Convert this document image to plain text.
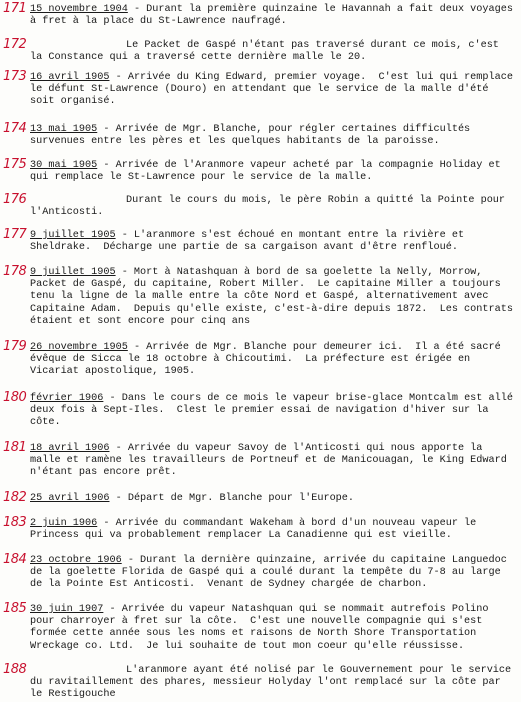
171 15 novembre 1904 - Durant la première quinzaine le Havannah a fait deux voyages à fret à la place du St-Lawrence naufragé.
172	Le Packet de Gaspé n'étant pas traversé durant ce mois, c'est la Constance qui a traversé cette dernière malle le 20.
173 16 avril 1905 - Arrivée du King Edward, premier voyage.  C'est lui qui remplace le défunt St-Lawrence (Douro) en attendant que le service de la malle d'été soit organisé.
174 13 mai 1905 - Arrivée de Mgr. Blanche, pour régler certaines difficultés survenues entre les pères et les quelques habitants de la paroisse.
175 30 mai 1905 - Arrivée de l'Aranmore vapeur acheté par la compagnie Holiday et qui remplace le St-Lawrence pour le service de la malle.
176	Durant le cours du mois, le père Robin a quitté la Pointe pour l'Anticosti.
177 9 juillet 1905 - L'aranmore s'est échoué en montant entre la rivière et Sheldrake.  Décharge une partie de sa cargaison avant d'être renfloué.
178 9 juillet 1905 - Mort à Natashquan à bord de sa goelette la Nelly, Morrow, Packet de Gaspé, du capitaine, Robert Miller.  Le capitaine Miller a toujours tenu la ligne de la malle entre la côte Nord et Gaspé, alternativement avec Capitaine Adam.  Depuis qu'elle existe, c'est-à-dire depuis 1872.  Les contrats étaient et sont encore pour cinq ans
179 26 novembre 1905 - Arrivée de Mgr. Blanche pour demeurer ici.  Il a été sacré évêque de Sicca le 18 octobre à Chicoutimi.  La préfecture est érigée en Vicariat apostolique, 1905.
180 février 1906 - Dans le cours de ce mois le vapeur brise-glace Montcalm est allé deux fois à Sept-Iles.  Clest le premier essai de navigation d'hiver sur la côte.
181 18 avril 1906 - Arrivée du vapeur Savoy de l'Anticosti qui nous apporte la malle et ramène les travailleurs de Portneuf et de Manicouagan, le King Edward n'étant pas encore prêt.
182 25 avril 1906 - Départ de Mgr. Blanche pour l'Europe.
183 2 juin 1906 - Arrivée du commandant Wakeham à bord d'un nouveau vapeur le Princess qui va probablement remplacer La Canadienne qui est vieille.
184 23 octobre 1906 - Durant la dernière quinzaine, arrivée du capitaine Languedoc de la goelette Florida de Gaspé qui a coulé durant la tempête du 7-8 au large de la Pointe Est Anticosti.  Venant de Sydney chargée de charbon.
185 30 juin 1907 - Arrivée du vapeur Natashquan qui se nommait autrefois Polino pour charroyer à fret sur la côte.  C'est une nouvelle compagnie qui s'est formée cette année sous les noms et raisons de North Shore Transportation Wreckage co. Ltd.  Je lui souhaite de tout mon coeur qu'elle réussisse.
188	L'aranmore ayant été nolisé par le Gouvernement pour le service du ravitaillement des phares, messieur Holyday l'ont remplacé sur la côte par le Restigouche
